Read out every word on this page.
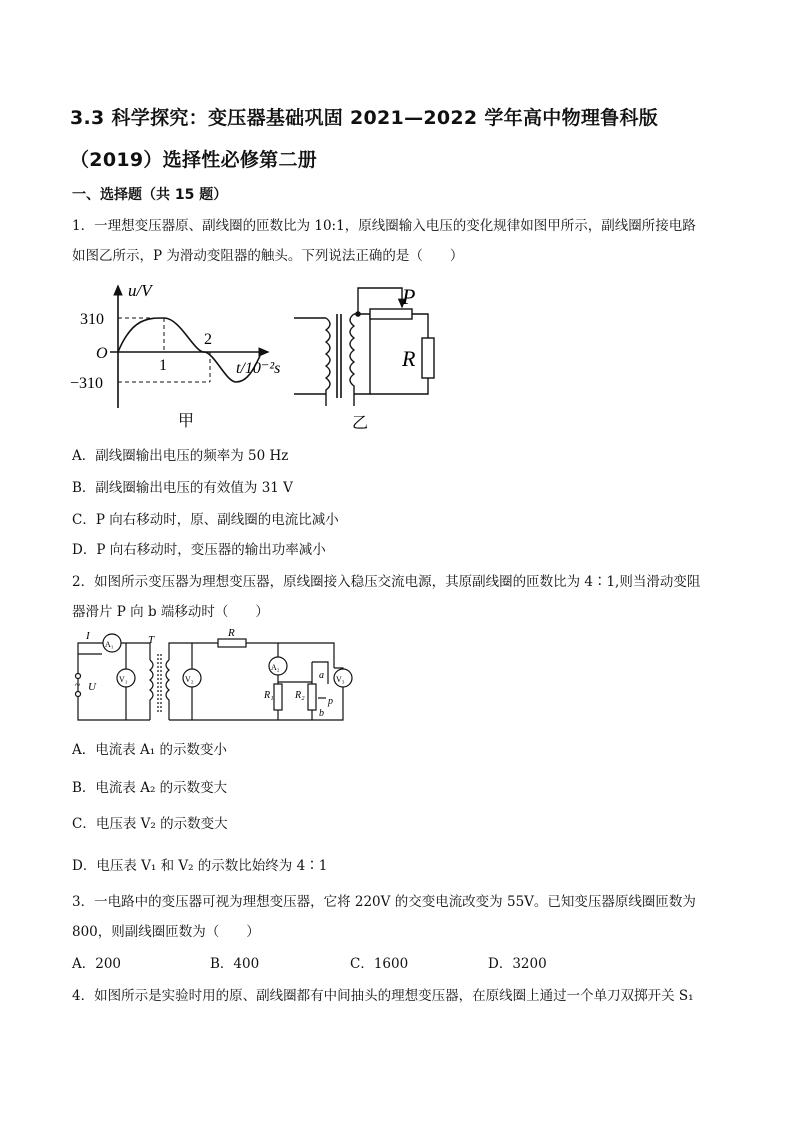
3.3 科学探究：变压器基础巩固 2021—2022 学年高中物理鲁科版
（2019）选择性必修第二册
一、选择题（共 15 题）
1．一理想变压器原、副线圈的匝数比为 10:1，原线圈输入电压的变化规律如图甲所示，副线圈所接电路
如图乙所示，P 为滑动变阻器的触头。下列说法正确的是（　　）
u/V
310
−310
O
1
2
t/10⁻²s
甲
P
R
乙
A．副线圈输出电压的频率为 50 Hz
B．副线圈输出电压的有效值为 31 V
C．P 向右移动时，原、副线圈的电流比减小
D．P 向右移动时，变压器的输出功率减小
2．如图所示变压器为理想变压器，原线圈接入稳压交流电源，其原副线圈的匝数比为 4∶1,则当滑动变阻
器滑片 P 向 b 端移动时（　　）
~ U
I
A₁
V₁
T
V₂
R
A₂
R₁ R₂
a
b
p
V₃
A．电流表 A₁ 的示数变小
B．电流表 A₂ 的示数变大
C．电压表 V₂ 的示数变大
D．电压表 V₁ 和 V₂ 的示数比始终为 4∶1
3．一电路中的变压器可视为理想变压器，它将 220V 的交变电流改变为 55V。已知变压器原线圈匝数为
800，则副线圈匝数为（　　）
A．200	B．400	C．1600	D．3200
4．如图所示是实验时用的原、副线圈都有中间抽头的理想变压器，在原线圈上通过一个单刀双掷开关 S₁
